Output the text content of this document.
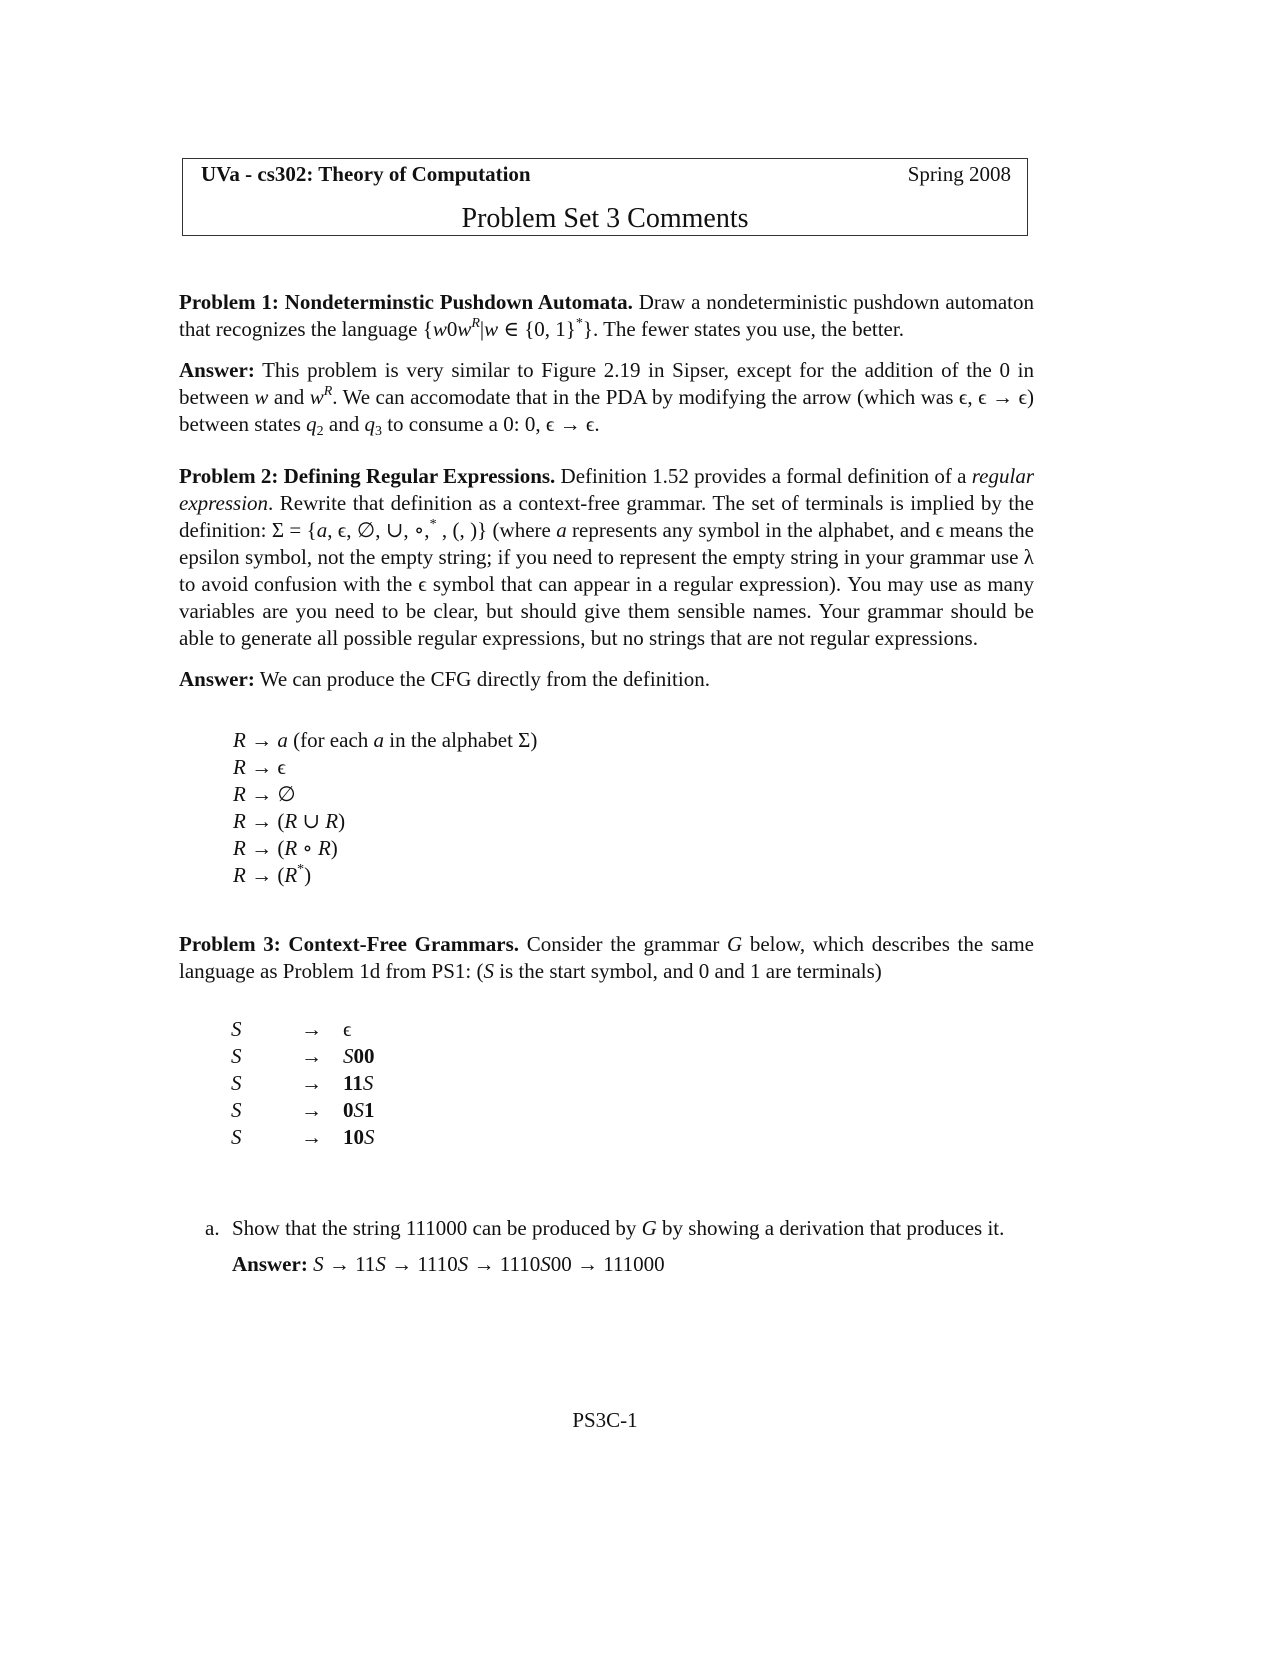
UVa - cs302: Theory of Computation	Spring 2008
Problem Set 3 Comments

Problem 1: Nondeterminstic Pushdown Automata. Draw a nondeterministic pushdown automaton that recognizes the language {$w0w^R|w$ ∈ {0, 1}*}. The fewer states you use, the better.

Answer: This problem is very similar to Figure 2.19 in Sipser, except for the addition of the 0 in between w and $w^R$. We can accomodate that in the PDA by modifying the arrow (which was ϵ, ϵ → ϵ) between states $q_2$ and $q_3$ to consume a 0: 0, ϵ → ϵ.

Problem 2: Defining Regular Expressions. Definition 1.52 provides a formal definition of a regular expression. Rewrite that definition as a context-free grammar. The set of terminals is implied by the definition: Σ = {a, ϵ, ∅, ∪, ∘,* , (, )} (where a represents any symbol in the alphabet, and ϵ means the epsilon symbol, not the empty string; if you need to represent the empty string in your grammar use λ to avoid confusion with the ϵ symbol that can appear in a regular expression). You may use as many variables are you need to be clear, but should give them sensible names. Your grammar should be able to generate all possible regular expressions, but no strings that are not regular expressions.

Answer: We can produce the CFG directly from the definition.

R → a (for each a in the alphabet Σ)
R → ϵ
R → ∅
R → (R ∪ R)
R → (R ∘ R)
R → (R*)

Problem 3: Context-Free Grammars. Consider the grammar G below, which describes the same language as Problem 1d from PS1: (S is the start symbol, and 0 and 1 are terminals)

S	→	ϵ
S	→	S00
S	→	11S
S	→	0S1
S	→	10S
a. Show that the string 111000 can be produced by G by showing a derivation that produces it.

Answer: S → 11S → 1110S → 1110S00 → 111000

PS3C-1
